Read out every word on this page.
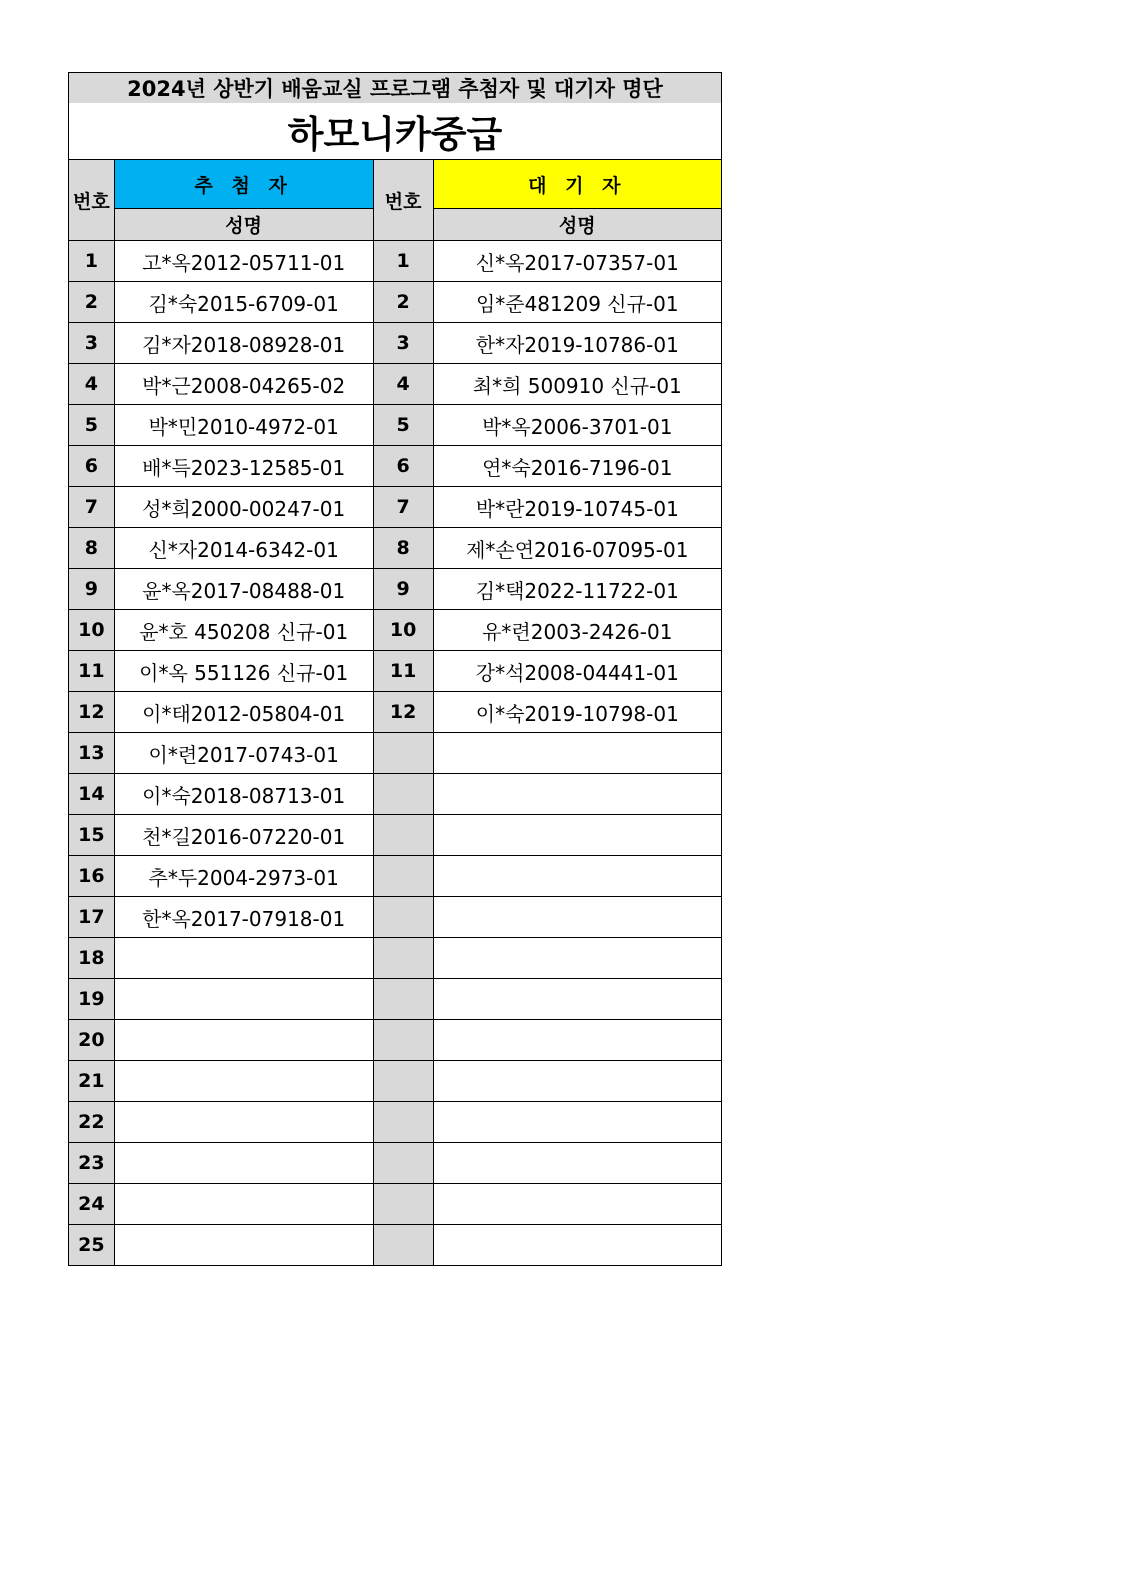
2024년 상반기 배움교실 프로그램 추첨자 및 대기자 명단			
하모니카중급			
번호	추 첨 자	번호	대 기 자
	성명		성명
1	고*옥2012-05711-01	1	신*옥2017-07357-01
2	김*숙2015-6709-01	2	임*준481209 신규-01
3	김*자2018-08928-01	3	한*자2019-10786-01
4	박*근2008-04265-02	4	최*희 500910 신규-01
5	박*민2010-4972-01	5	박*옥2006-3701-01
6	배*득2023-12585-01	6	연*숙2016-7196-01
7	성*희2000-00247-01	7	박*란2019-10745-01
8	신*자2014-6342-01	8	제*손연2016-07095-01
9	윤*옥2017-08488-01	9	김*택2022-11722-01
10	윤*호 450208 신규-01	10	유*련2003-2426-01
11	이*옥 551126 신규-01	11	강*석2008-04441-01
12	이*태2012-05804-01	12	이*숙2019-10798-01
13	이*련2017-0743-01		
14	이*숙2018-08713-01		
15	천*길2016-07220-01		
16	추*두2004-2973-01		
17	한*옥2017-07918-01		
18			
19			
20			
21			
22			
23			
24			
25			
